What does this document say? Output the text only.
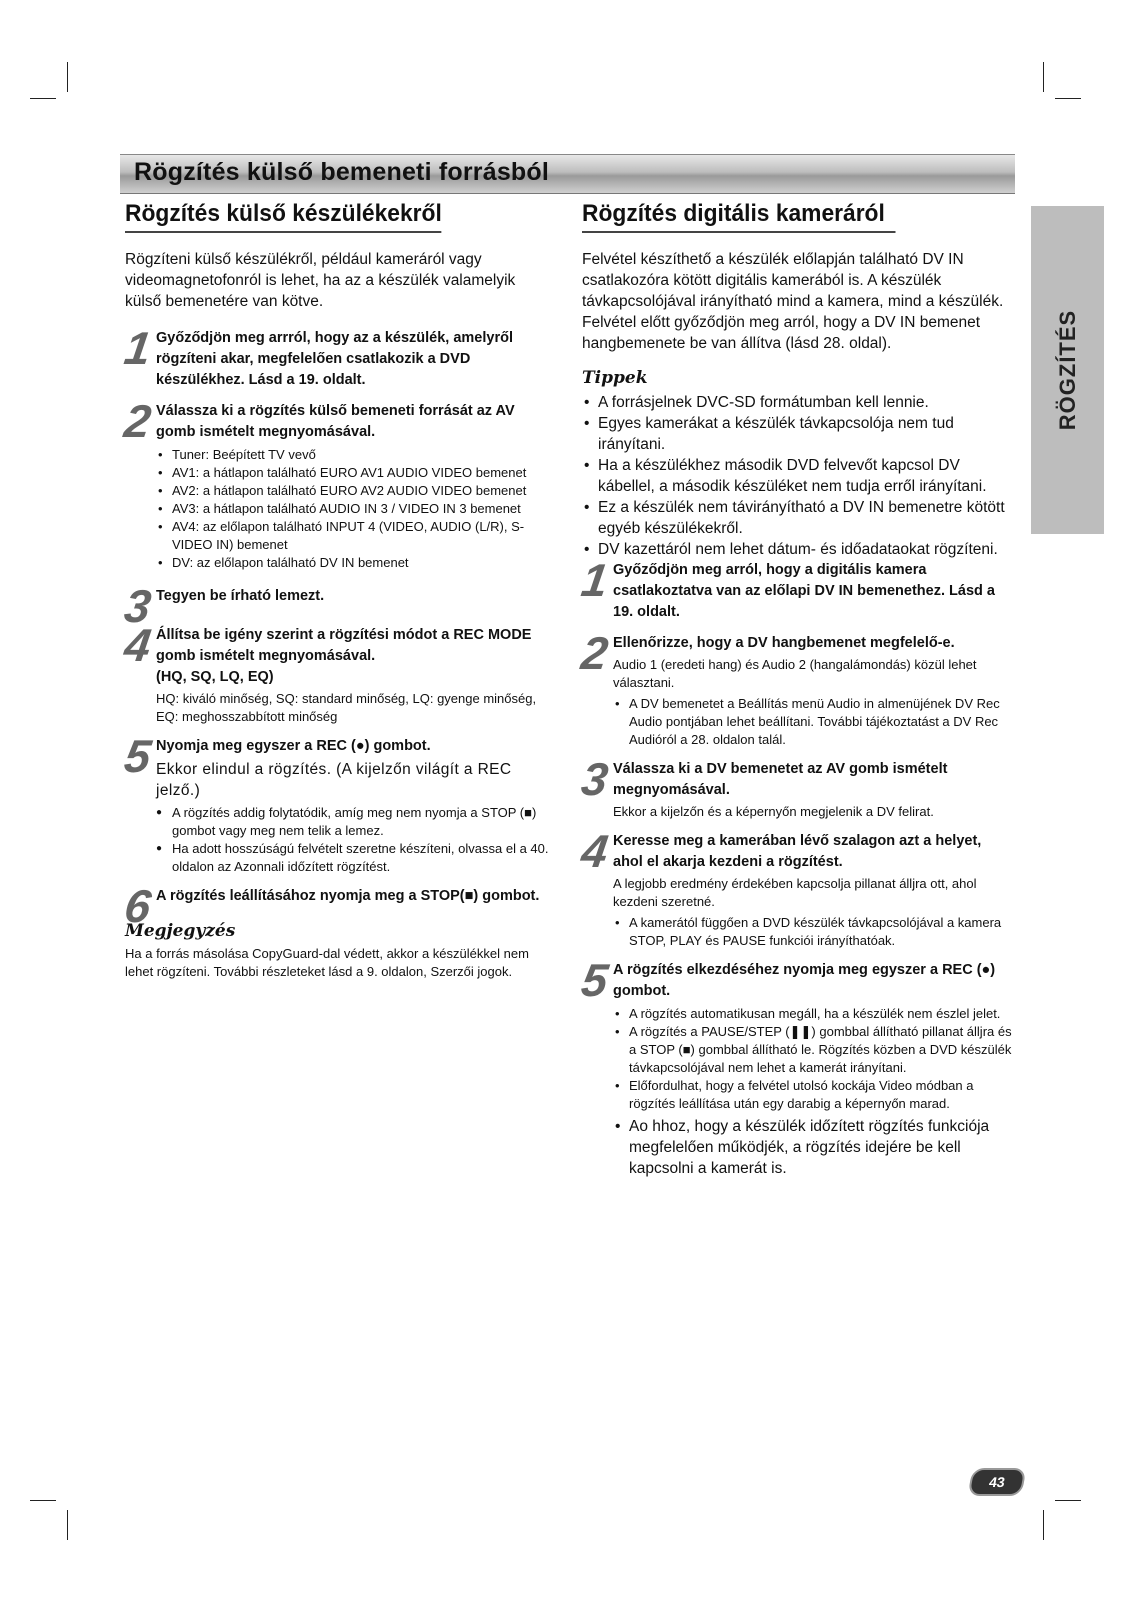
Rögzítés külső bemeneti forrásból
RÖGZÍTÉS
Rögzítés külső készülékekről

Rögzíteni külső készülékről, például kameráról vagy videomagnetofonról is lehet, ha az a készülék valamelyik külső bemenetére van kötve.

1 Győződjön meg arrról, hogy az a készülék, amelyről rögzíteni akar, megfelelően csatlakozik a DVD készülékhez. Lásd a 19. oldalt.

2 Válassza ki a rögzítés külső bemeneti forrását az AV gomb ismételt megnyomásával.

• Tuner: Beépített TV vevő
• AV1: a hátlapon található EURO AV1 AUDIO VIDEO bemenet
• AV2: a hátlapon található EURO AV2 AUDIO VIDEO bemenet
• AV3: a hátlapon található AUDIO IN 3 / VIDEO IN 3 bemenet
• AV4: az előlapon található INPUT 4 (VIDEO, AUDIO (L/R), S-VIDEO IN) bemenet
• DV: az előlapon található DV IN bemenet
3 Tegyen be írható lemezt.

4 Állítsa be igény szerint a rögzítési módot a REC MODE gomb ismételt megnyomásával.

(HQ, SQ, LQ, EQ)

HQ: kiváló minőség, SQ: standard minőség, LQ: gyenge minőség, EQ: meghosszabbított minőség

5 Nyomja meg egyszer a REC (●) gombot.

Ekkor elindul a rögzítés. (A kijelzőn világít a REC jelző.)

● A rögzítés addig folytatódik, amíg meg nem nyomja a STOP (■) gombot vagy meg nem telik a lemez.
● Ha adott hosszúságú felvételt szeretne készíteni, olvassa el a 40. oldalon az Azonnali időzített rögzítést.
6 A rögzítés leállításához nyomja meg a STOP(■) gombot.

Megjegyzés

Ha a forrás másolása CopyGuard-dal védett, akkor a készülékkel nem lehet rögzíteni. További részleteket lásd a 9. oldalon, Szerzői jogok.

Rögzítés digitális kameráról

Felvétel készíthető a készülék előlapján található DV IN csatlakozóra kötött digitális kamerából is. A készülék távkapcsolójával irányítható mind a kamera, mind a készülék.

Felvétel előtt győződjön meg arról, hogy a DV IN bemenet hangbemenete be van állítva (lásd 28. oldal).

Tippek
• A forrásjelnek DVC-SD formátumban kell lennie.
• Egyes kamerákat a készülék távkapcsolója nem tud irányítani.
• Ha a készülékhez második DVD felvevőt kapcsol DV kábellel, a második készüléket nem tudja erről irányítani.
• Ez a készülék nem távirányítható a DV IN bemenetre kötött egyéb készülékekről.
• DV kazettáról nem lehet dátum- és időadataokat rögzíteni.
1 Győződjön meg arról, hogy a digitális kamera csatlakoztatva van az előlapi DV IN bemenethez. Lásd a 19. oldalt.

2 Ellenőrizze, hogy a DV hangbemenet megfelelő-e.

Audio 1 (eredeti hang) és Audio 2 (hangalámondás) közül lehet választani.

• A DV bemenetet a Beállítás menü Audio in almenüjének DV Rec Audio pontjában lehet beállítani. További tájékoztatást a DV Rec Audióról a 28. oldalon talál.
3 Válassza ki a DV bemenetet az AV gomb ismételt megnyomásával.

Ekkor a kijelzőn és a képernyőn megjelenik a DV felirat.

4 Keresse meg a kamerában lévő szalagon azt a helyet, ahol el akarja kezdeni a rögzítést.

A legjobb eredmény érdekében kapcsolja pillanat álljra ott, ahol kezdeni szeretné.

• A kamerától függően a DVD készülék távkapcsolójával a kamera STOP, PLAY és PAUSE funkciói irányíthatóak.
5 A rögzítés elkezdéséhez nyomja meg egyszer a REC (●) gombot.

• A rögzítés automatikusan megáll, ha a készülék nem észlel jelet.
• A rögzítés a PAUSE/STEP (❚❚) gombbal állítható pillanat álljra és a STOP (■) gombbal állítható le. Rögzítés közben a DVD készülék távkapcsolójával nem lehet a kamerát irányítani.
• Előfordulhat, hogy a felvétel utolsó kockája Video módban a rögzítés leállítása után egy darabig a képernyőn marad.
• Ao hhoz, hogy a készülék időzített rögzítés funkciója megfelelően működjék, a rögzítés idejére be kell kapcsolni a kamerát is.
43
